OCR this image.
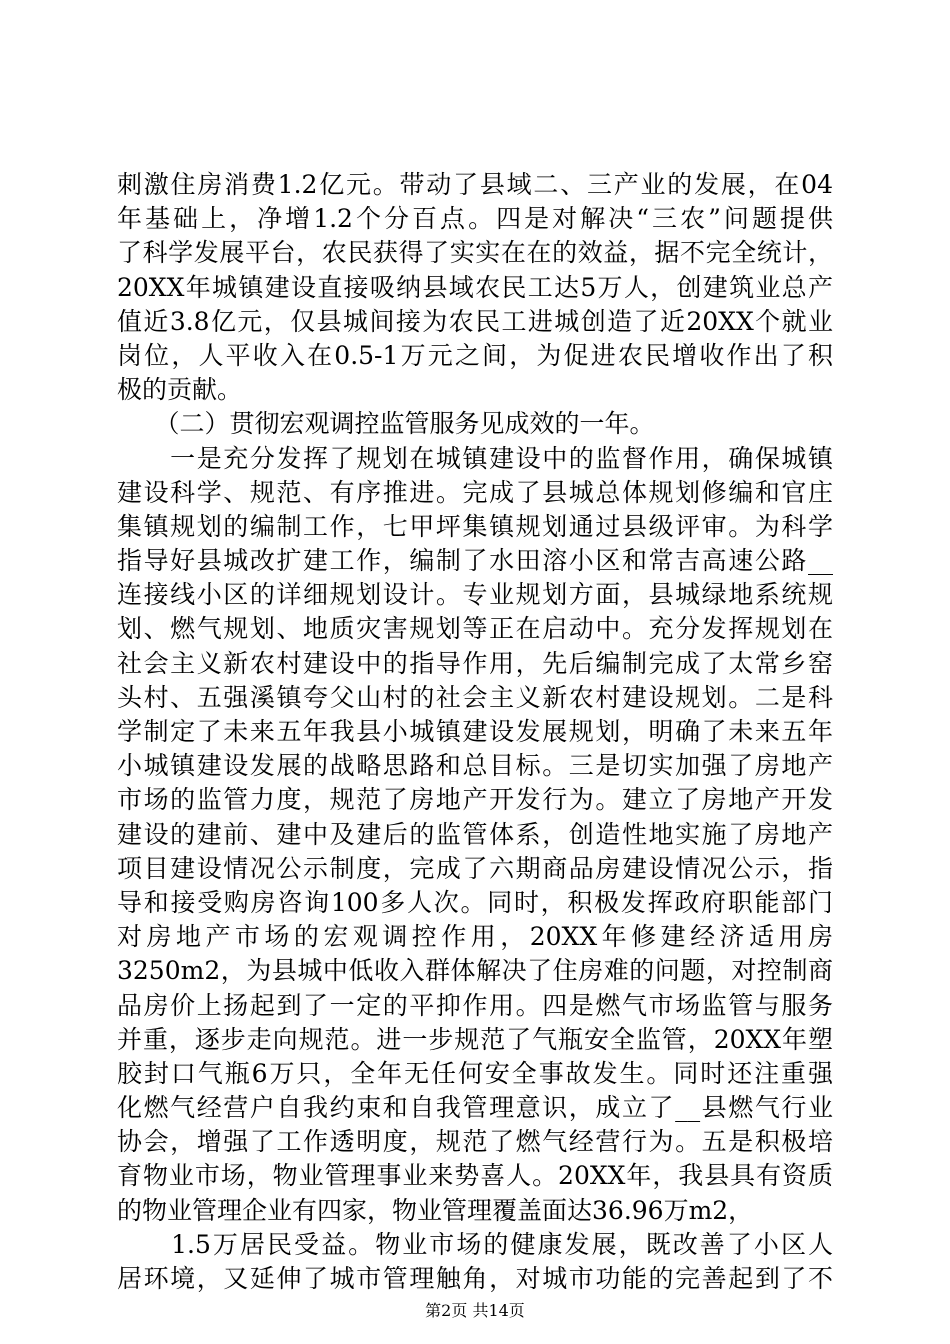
刺激住房消费1.2亿元。带动了县域二、三产业的发展，在04
年基础上，净增1.2个分百点。四是对解决“三农”问题提供
了科学发展平台，农民获得了实实在在的效益，据不完全统计，
20XX年城镇建设直接吸纳县域农民工达5万人，创建筑业总产
值近3.8亿元，仅县城间接为农民工进城创造了近20XX个就业
岗位，人平收入在0.5-1万元之间，为促进农民增收作出了积
极的贡献。
　　（二）贯彻宏观调控监管服务见成效的一年。
　　一是充分发挥了规划在城镇建设中的监督作用，确保城镇
建设科学、规范、有序推进。完成了县城总体规划修编和官庄
集镇规划的编制工作，七甲坪集镇规划通过县级评审。为科学
指导好县城改扩建工作，编制了水田溶小区和常吉高速公路__
连接线小区的详细规划设计。专业规划方面，县城绿地系统规
划、燃气规划、地质灾害规划等正在启动中。充分发挥规划在
社会主义新农村建设中的指导作用，先后编制完成了太常乡窑
头村、五强溪镇夸父山村的社会主义新农村建设规划。二是科
学制定了未来五年我县小城镇建设发展规划，明确了未来五年
小城镇建设发展的战略思路和总目标。三是切实加强了房地产
市场的监管力度，规范了房地产开发行为。建立了房地产开发
建设的建前、建中及建后的监管体系，创造性地实施了房地产
项目建设情况公示制度，完成了六期商品房建设情况公示，指
导和接受购房咨询100多人次。同时，积极发挥政府职能部门
对房地产市场的宏观调控作用，20XX年修建经济适用房
3250m2，为县城中低收入群体解决了住房难的问题，对控制商
品房价上扬起到了一定的平抑作用。四是燃气市场监管与服务
并重，逐步走向规范。进一步规范了气瓶安全监管，20XX年塑
胶封口气瓶6万只，全年无任何安全事故发生。同时还注重强
化燃气经营户自我约束和自我管理意识，成立了__县燃气行业
协会，增强了工作透明度，规范了燃气经营行为。五是积极培
育物业市场，物业管理事业来势喜人。20XX年，我县具有资质
的物业管理企业有四家，物业管理覆盖面达36.96万m2，
　　1.5万居民受益。物业市场的健康发展，既改善了小区人
居环境，又延伸了城市管理触角，对城市功能的完善起到了不
第2页 共14页
